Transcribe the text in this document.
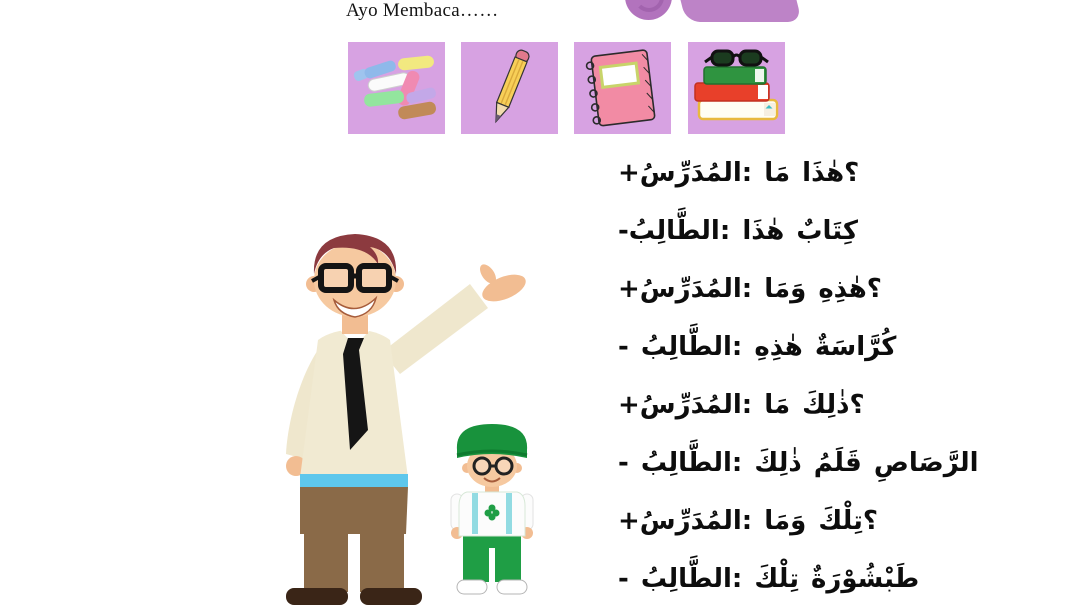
Ayo Membaca……
+المُدَرِّسُ: مَا هٰذَا؟
-الطَّالِبُ: هٰذَا كِتَابٌ
+المُدَرِّسُ: وَمَا هٰذِهِ؟
- الطَّالِبُ: هٰذِهِ كُرَّاسَةٌ
+المُدَرِّسُ: مَا ذٰلِكَ؟
- الطَّالِبُ: ذٰلِكَ قَلَمُ الرَّصَاصِ
+المُدَرِّسُ: وَمَا تِلْكَ؟
- الطَّالِبُ: تِلْكَ طَبْشُوْرَةٌ
